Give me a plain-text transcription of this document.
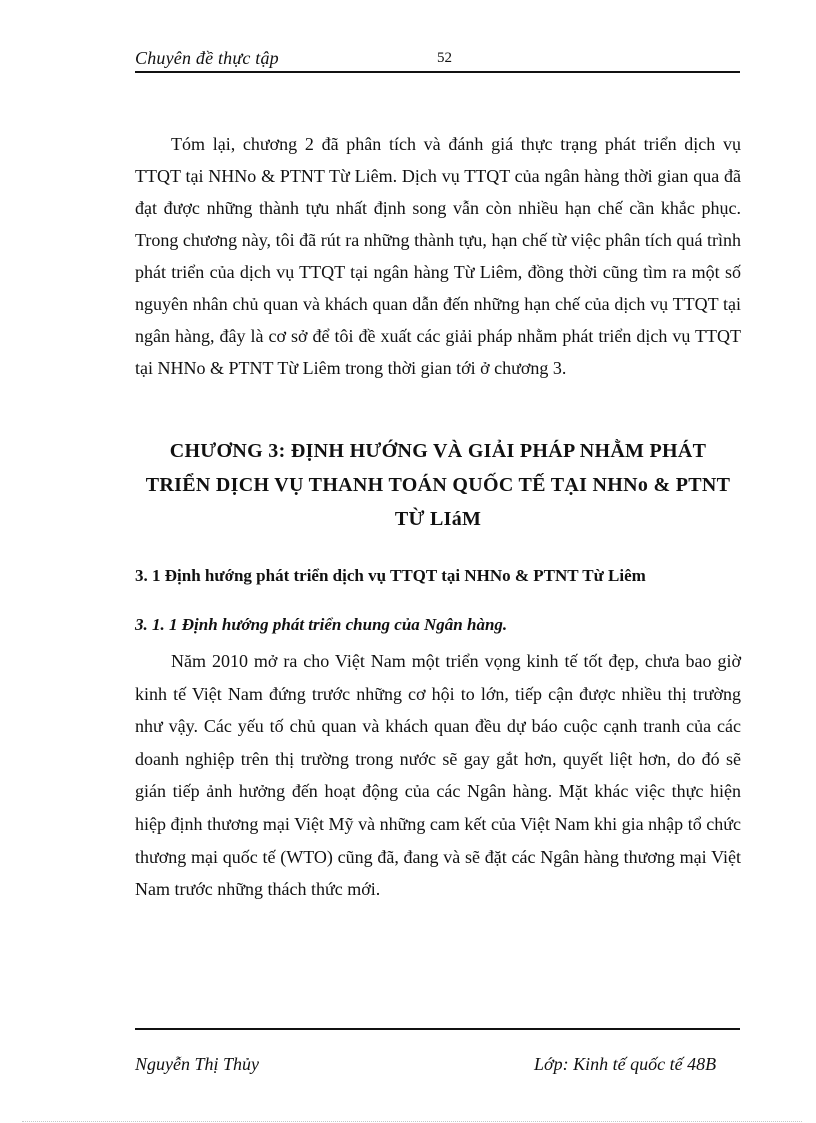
Chuyên đề thực tập	52

Tóm lại, chương 2 đã phân tích và đánh giá thực trạng phát triển dịch vụ TTQT tại NHNo & PTNT Từ Liêm. Dịch vụ TTQT của ngân hàng thời gian qua đã đạt được những thành tựu nhất định song vẫn còn nhiều hạn chế cần khắc phục. Trong chương này, tôi đã rút ra những thành tựu, hạn chế từ việc phân tích quá trình phát triển của dịch vụ TTQT tại ngân hàng Từ Liêm, đồng thời cũng tìm ra một số nguyên nhân chủ quan và khách quan dẫn đến những hạn chế của dịch vụ TTQT tại ngân hàng, đây là cơ sở để tôi đề xuất các giải pháp nhằm phát triển dịch vụ TTQT tại NHNo & PTNT Từ Liêm trong thời gian tới ở chương 3.

CHƯƠNG 3: ĐỊNH HƯỚNG VÀ GIẢI PHÁP NHẰM PHÁT TRIỂN DỊCH VỤ THANH TOÁN QUỐC TẾ TẠI NHNo & PTNT TỪ LIáM
3. 1 Định hướng phát triển dịch vụ TTQT tại NHNo & PTNT Từ Liêm
3. 1. 1 Định hướng phát triển chung của Ngân hàng.

Năm 2010 mở ra cho Việt Nam một triển vọng kinh tế tốt đẹp, chưa bao giờ kinh tế Việt Nam đứng trước những cơ hội to lớn, tiếp cận được nhiều thị trường như vậy. Các yếu tố chủ quan và khách quan đều dự báo cuộc cạnh tranh của các doanh nghiệp trên thị trường trong nước sẽ gay gắt hơn, quyết liệt hơn, do đó sẽ gián tiếp ảnh hưởng đến hoạt động của các Ngân hàng. Mặt khác việc thực hiện hiệp định thương mại Việt Mỹ và những cam kết của Việt Nam khi gia nhập tổ chức thương mại quốc tế (WTO) cũng đã, đang và sẽ đặt các Ngân hàng thương mại Việt Nam trước những thách thức mới.

Nguyễn Thị Thủy	Lớp: Kinh tế quốc tế 48B
